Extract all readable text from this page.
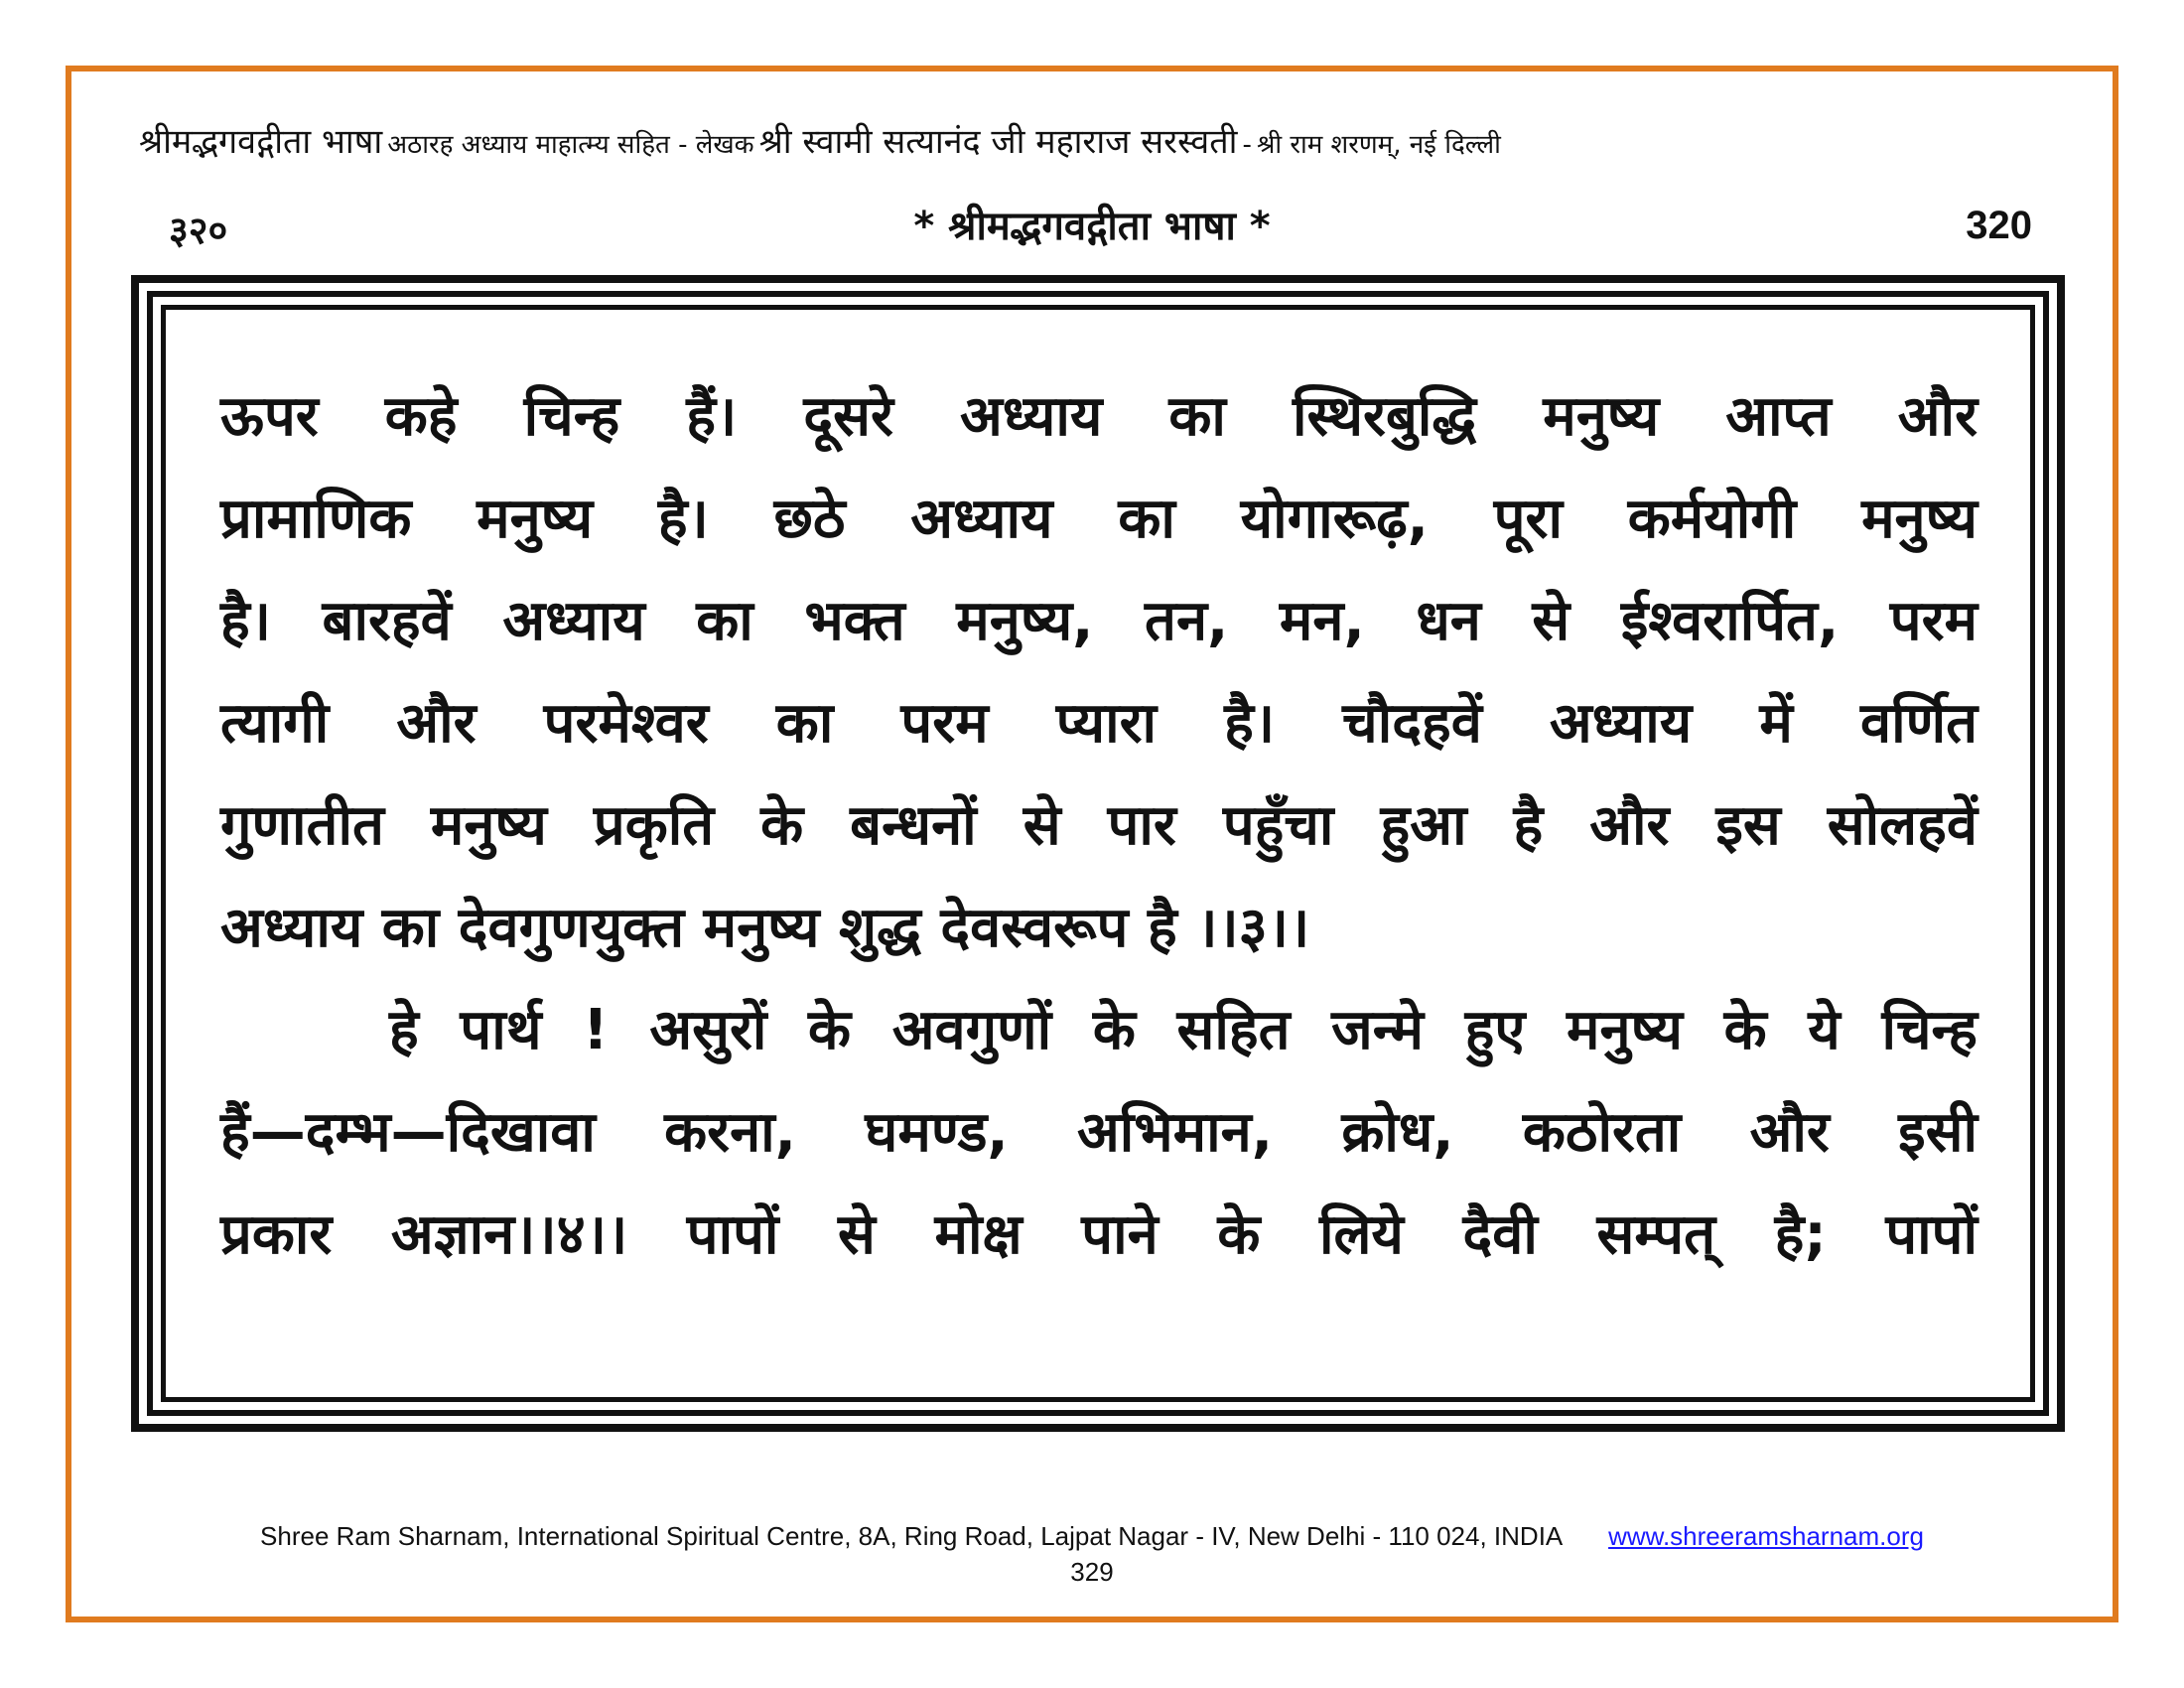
श्रीमद्भगवद्गीता भाषा अठारह अध्याय माहात्म्य सहित - लेखक श्री स्वामी सत्यानंद जी महाराज सरस्वती - श्री राम शरणम्, नई दिल्ली
३२०	* श्रीमद्भगवद्गीता भाषा *	320

ऊपर कहे चिन्ह हैं। दूसरे अध्याय का स्थिरबुद्धि मनुष्य आप्त और

प्रामाणिक मनुष्य है। छठे अध्याय का योगारूढ़, पूरा कर्मयोगी मनुष्य

है। बारहवें अध्याय का भक्त मनुष्य, तन, मन, धन से ईश्वरार्पित, परम

त्यागी और परमेश्वर का परम प्यारा है। चौदहवें अध्याय में वर्णित

गुणातीत मनुष्य प्रकृति के बन्धनों से पार पहुँचा हुआ है और इस सोलहवें

अध्याय का देवगुणयुक्त मनुष्य शुद्ध देवस्वरूप है ।।३।।

हे पार्थ ! असुरों के अवगुणों के सहित जन्मे हुए मनुष्य के ये चिन्ह

हैं—दम्भ—दिखावा करना, घमण्ड, अभिमान, क्रोध, कठोरता और इसी

प्रकार अज्ञान।।४।। पापों से मोक्ष पाने के लिये दैवी सम्पत् है; पापों

Shree Ram Sharnam, International Spiritual Centre, 8A, Ring Road, Lajpat Nagar - IV, New Delhi - 110 024, INDIA www.shreeramsharnam.org
329
